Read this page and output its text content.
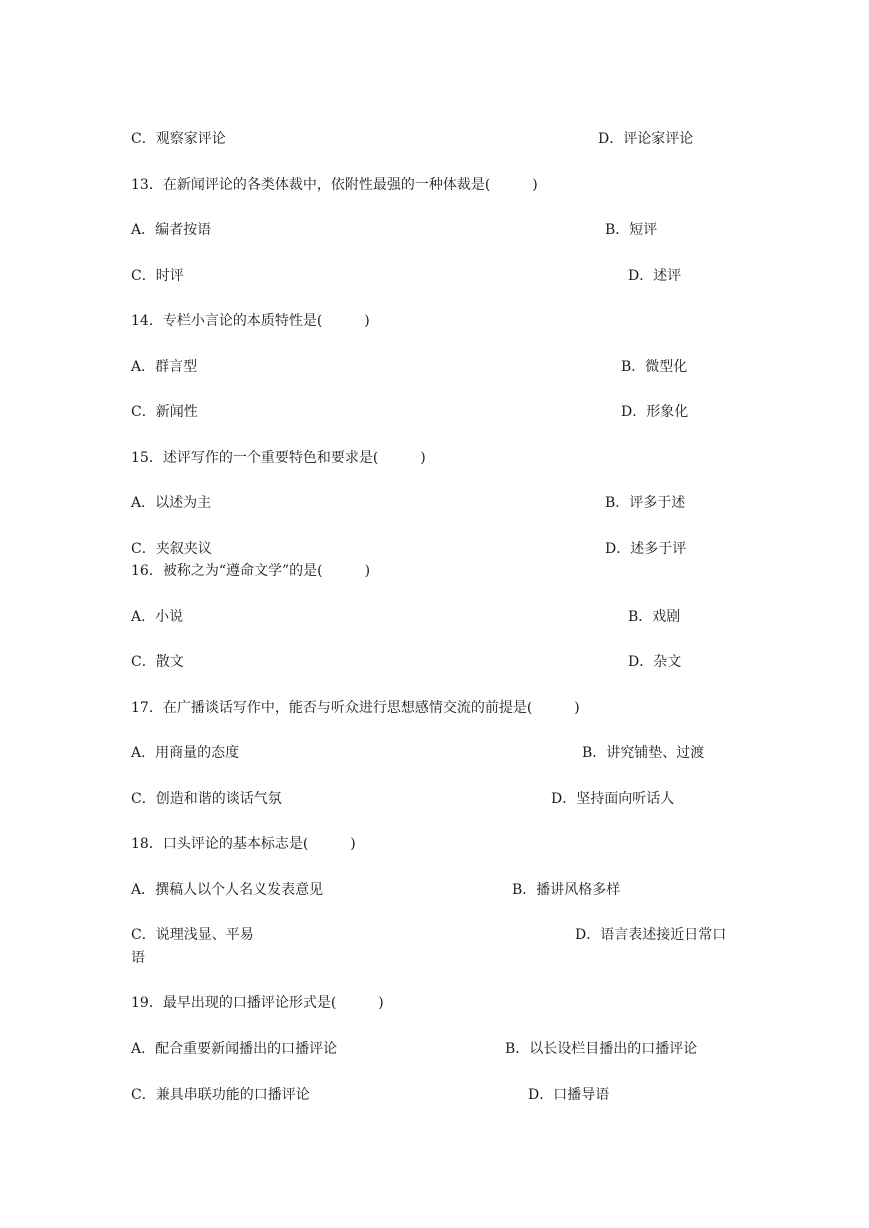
C．观察家评论	D．评论家评论
13．在新闻评论的各类体裁中，依附性最强的一种体裁是(　　　)
A．编者按语	B．短评
C．时评	D．述评
14．专栏小言论的本质特性是(　　　)
A．群言型	B．微型化
C．新闻性	D．形象化
15．述评写作的一个重要特色和要求是(　　　)
A．以述为主	B．评多于述
C．夹叙夹议	D．述多于评
16．被称之为“遵命文学”的是(　　　)
A．小说	B．戏剧
C．散文	D．杂文
17．在广播谈话写作中，能否与听众进行思想感情交流的前提是(　　　)
A．用商量的态度	B．讲究铺垫、过渡
C．创造和谐的谈话气氛	D．坚持面向听话人
18．口头评论的基本标志是(　　　)
A．撰稿人以个人名义发表意见	B．播讲风格多样
C．说理浅显、平易	D．语言表述接近日常口
语
19．最早出现的口播评论形式是(　　　)
A．配合重要新闻播出的口播评论	B．以长设栏目播出的口播评论
C．兼具串联功能的口播评论	D．口播导语
